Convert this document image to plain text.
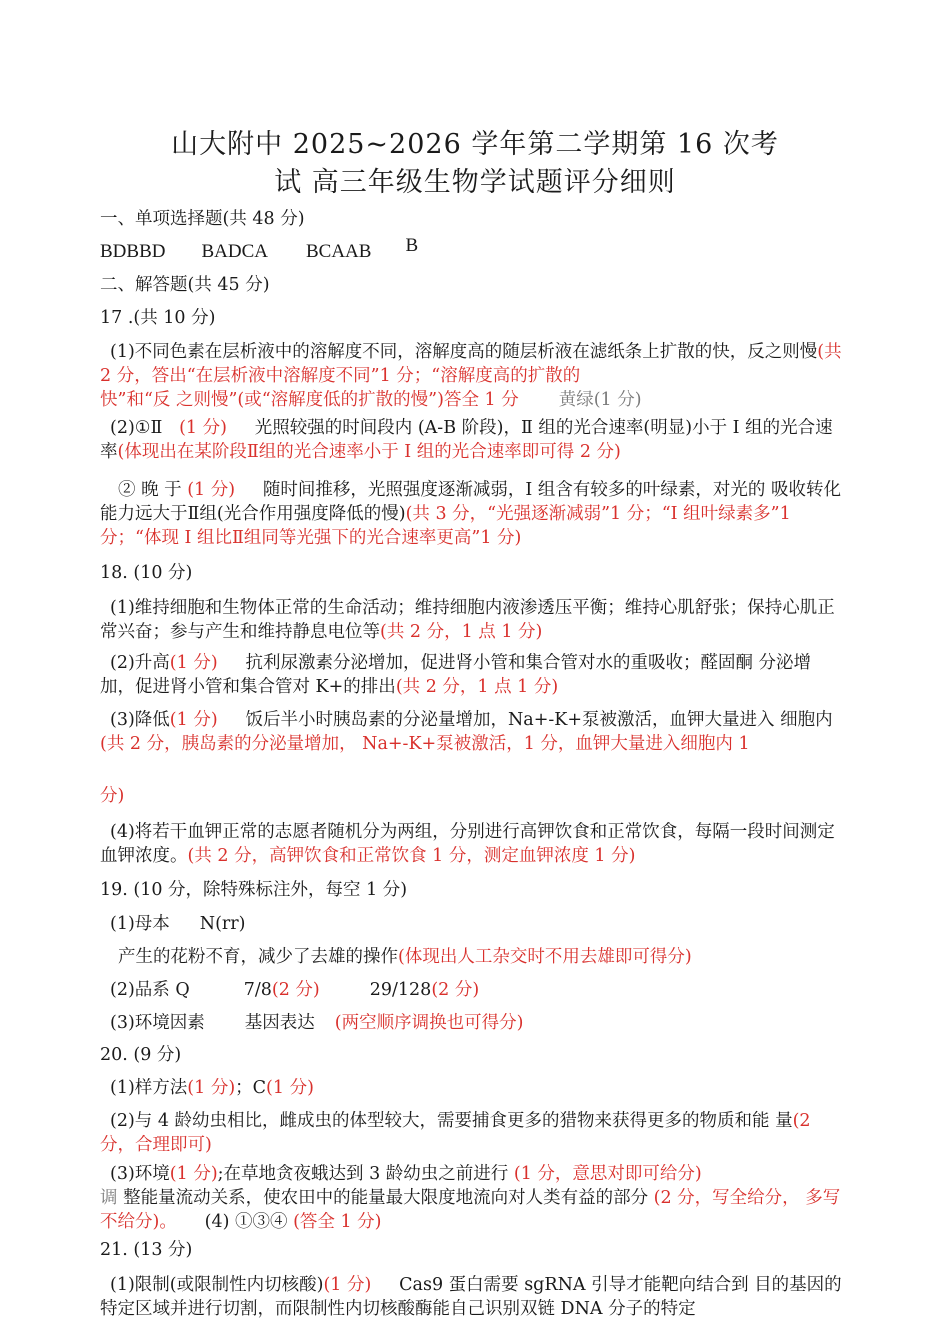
山大附中 2025~2026 学年第二学期第 16 次考
试 高三年级生物学试题评分细则
一、单项选择题(共 48 分)
BDBBD BADCA BCAAB B
二、解答题(共 45 分)
17 .(共 10 分)
(1)不同色素在层析液中的溶解度不同，溶解度高的随层析液在滤纸条上扩散的快，反之则慢(共 2 分，答出“在层析液中溶解度不同”1 分；“溶解度高的扩散的
快”和“反 之则慢”(或“溶解度低的扩散的慢”)答全 1 分 黄绿(1 分)
(2)①Ⅱ (1 分) 光照较强的时间段内 (A-B 阶段)，Ⅱ 组的光合速率(明显)小于 I 组的光合速率(体现出在某阶段Ⅱ组的光合速率小于 I 组的光合速率即可得 2 分)
② 晚 于 (1 分) 随时间推移，光照强度逐渐减弱，I 组含有较多的叶绿素，对光的 吸收转化能力远大于Ⅱ组(光合作用强度降低的慢)(共 3 分，“光强逐渐减弱”1 分；“I 组叶绿素多”1 分；“体现 I 组比Ⅱ组同等光强下的光合速率更高”1 分)
18. (10 分)
(1)维持细胞和生物体正常的生命活动；维持细胞内液渗透压平衡；维持心肌舒张；保持心肌正常兴奋；参与产生和维持静息电位等(共 2 分，1 点 1 分)
(2)升高(1 分) 抗利尿激素分泌增加，促进肾小管和集合管对水的重吸收；醛固酮 分泌增加，促进肾小管和集合管对 K+的排出(共 2 分，1 点 1 分)
(3)降低(1 分) 饭后半小时胰岛素的分泌量增加，Na+-K+泵被激活，血钾大量进入 细胞内(共 2 分，胰岛素的分泌量增加， Na+-K+泵被激活，1 分，血钾大量进入细胞内 1
分)
(4)将若干血钾正常的志愿者随机分为两组，分别进行高钾饮食和正常饮食，每隔一段时间测定血钾浓度。(共 2 分，高钾饮食和正常饮食 1 分，测定血钾浓度 1 分)
19. (10 分，除特殊标注外，每空 1 分)
(1)母本 N(rr)
产生的花粉不育，减少了去雄的操作(体现出人工杂交时不用去雄即可得分)
(2)品系 Q	7/8(2 分)	29/128(2 分)
(3)环境因素 基因表达 (两空顺序调换也可得分)
20. (9 分)
(1)样方法(1 分)；C(1 分)
(2)与 4 龄幼虫相比，雌成虫的体型较大，需要捕食更多的猎物来获得更多的物质和能 量(2 分，合理即可)
(3)环境(1 分);在草地贪夜蛾达到 3 龄幼虫之前进行 (1 分，意思对即可给分)
调 整能量流动关系，使农田中的能量最大限度地流向对人类有益的部分 (2 分，写全给分， 多写不给分)。 (4) ①③④ (答全 1 分)
21. (13 分)
(1)限制(或限制性内切核酸)(1 分) Cas9 蛋白需要 sgRNA 引导才能靶向结合到 目的基因的特定区域并进行切割，而限制性内切核酸酶能自己识别双链 DNA 分子的特定
